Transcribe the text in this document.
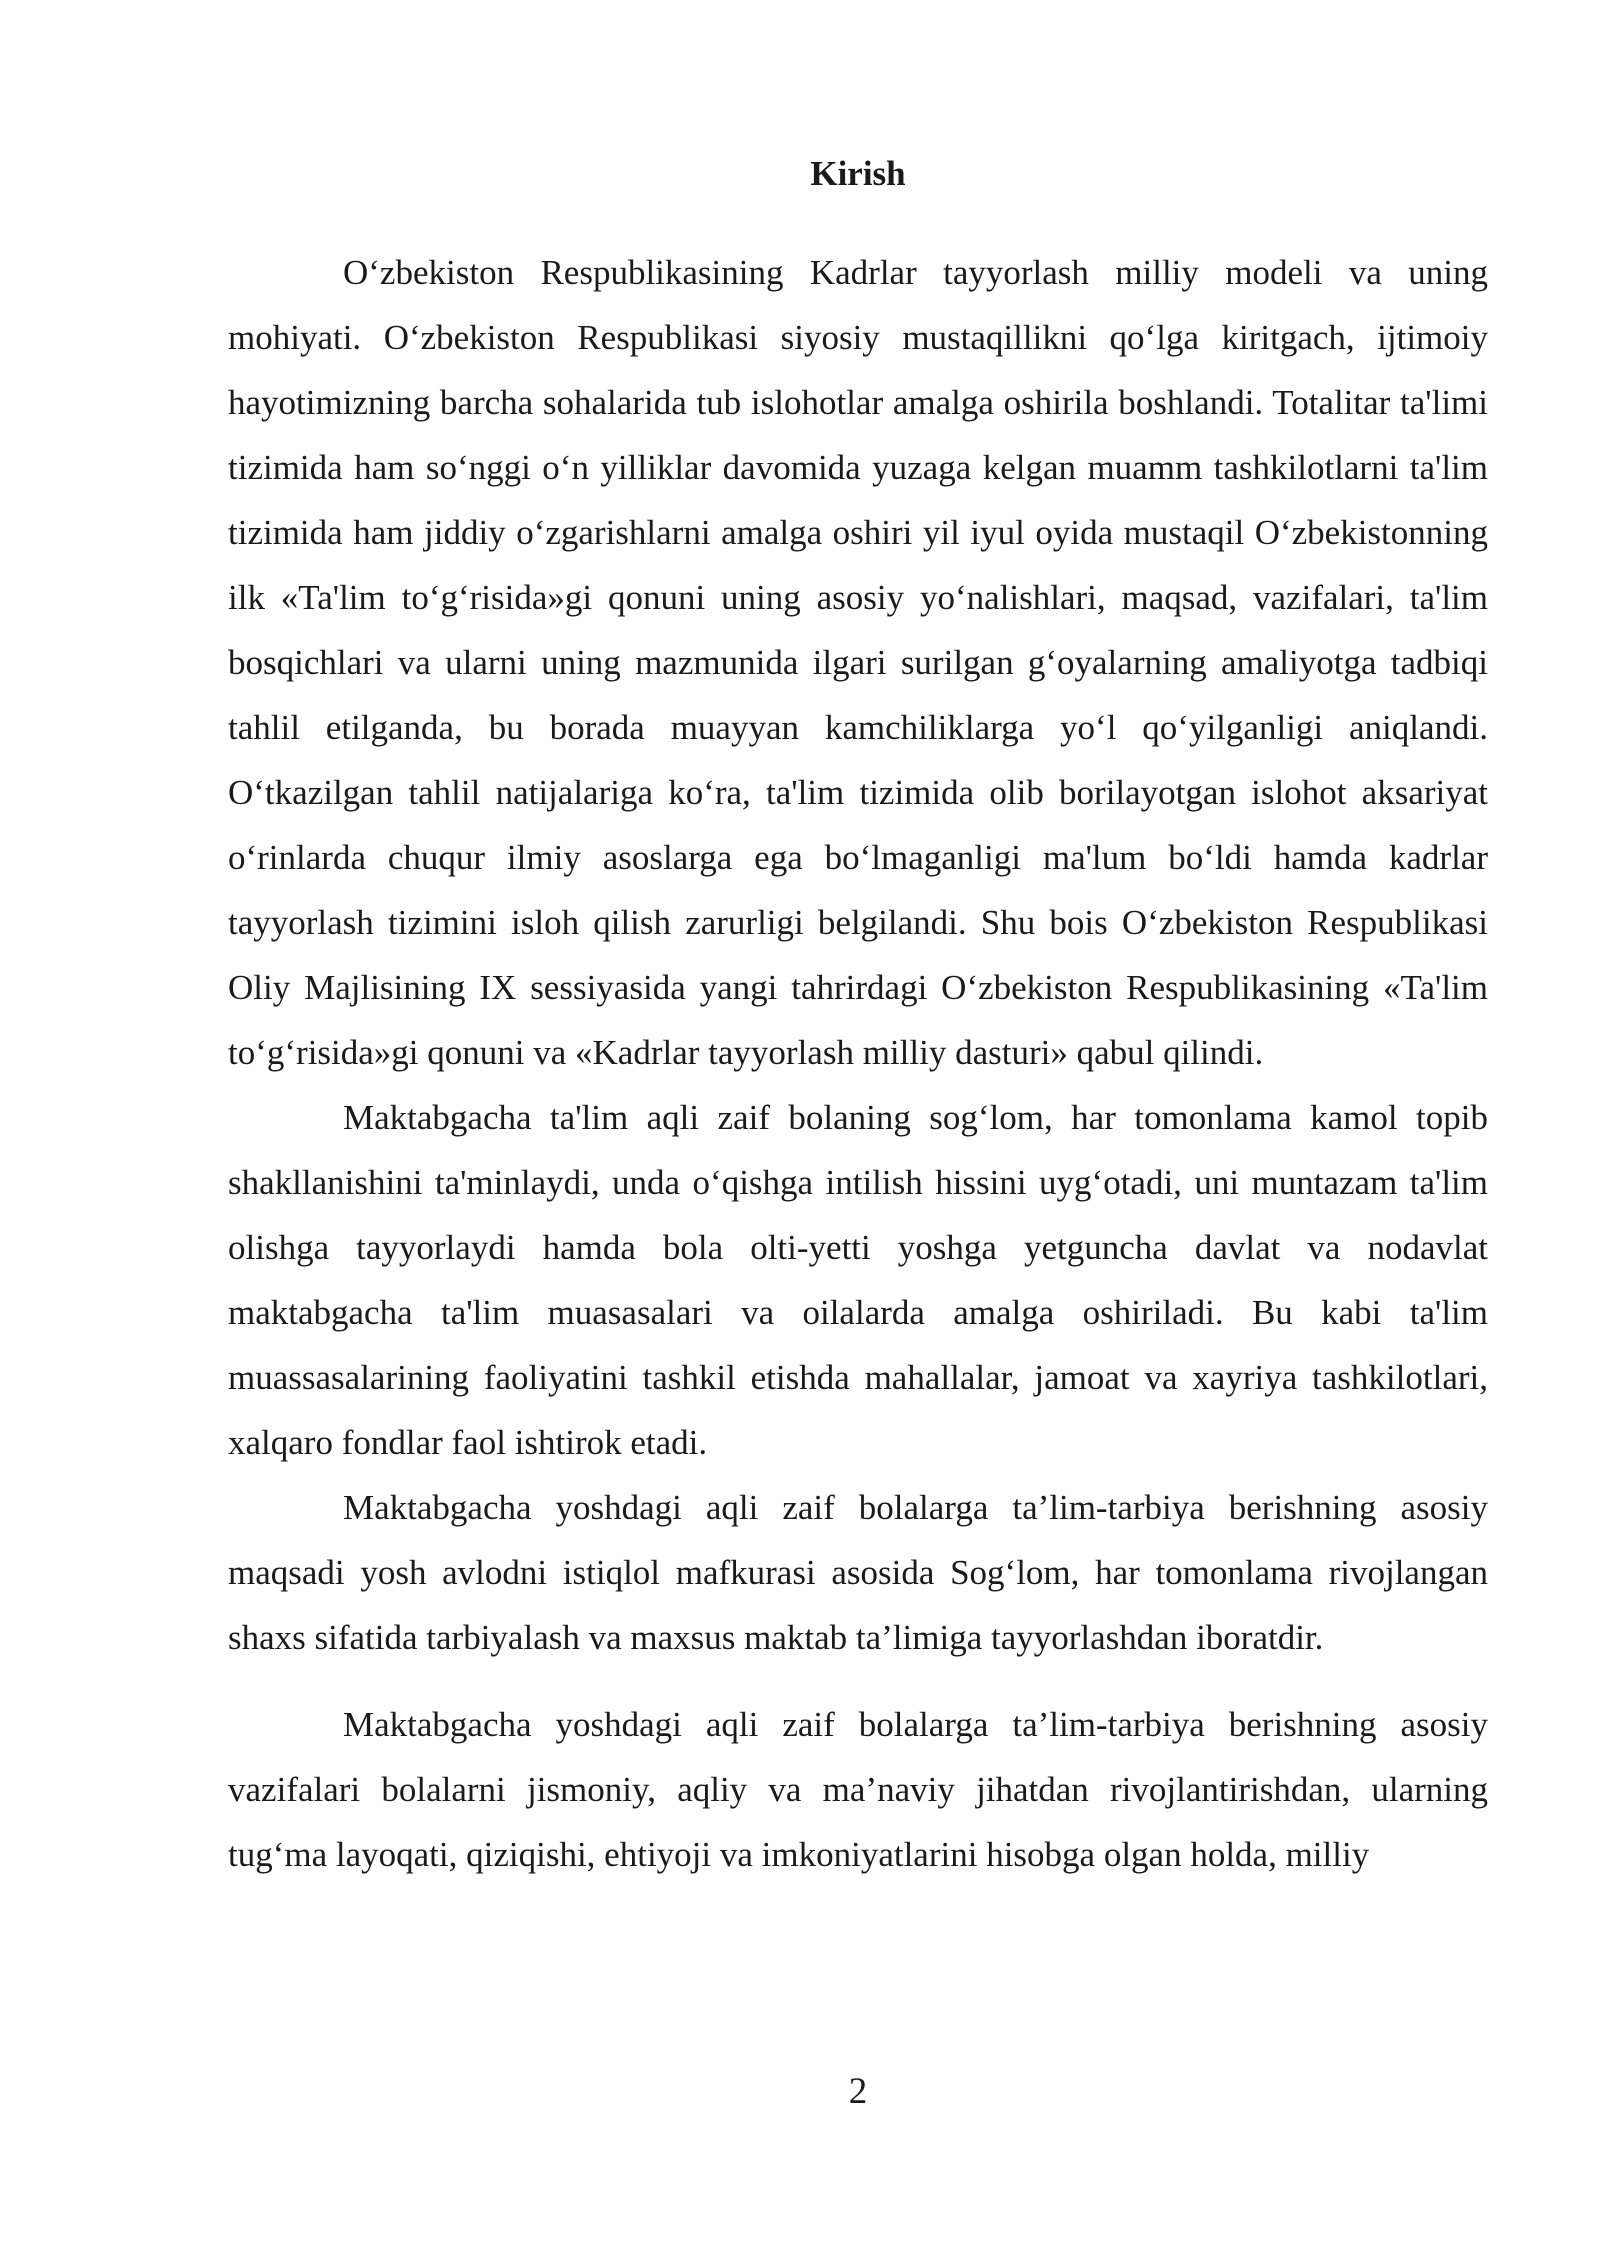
Kirish

O‘zbekiston Respublikasining Kadrlar tayyorlash milliy modeli va uning mohiyati. O‘zbekiston Respublikasi siyosiy mustaqillikni qo‘lga kiritgach, ijtimoiy hayotimizning barcha sohalarida tub islohotlar amalga oshirila boshlandi. Totalitar ta'limi tizimida ham so‘nggi o‘n yilliklar davomida yuzaga kelgan muamm tashkilotlarni ta'lim tizimida ham jiddiy o‘zgarishlarni amalga oshiri yil iyul oyida mustaqil O‘zbekistonning ilk «Ta'lim to‘g‘risida»gi qonuni uning asosiy yo‘nalishlari, maqsad, vazifalari, ta'lim bosqichlari va ularni uning mazmunida ilgari surilgan g‘oyalarning amaliyotga tadbiqi tahlil etilganda, bu borada muayyan kamchiliklarga yo‘l qo‘yilganligi aniqlandi. O‘tkazilgan tahlil natijalariga ko‘ra, ta'lim tizimida olib borilayotgan islohot aksariyat o‘rinlarda chuqur ilmiy asoslarga ega bo‘lmaganligi ma'lum bo‘ldi hamda kadrlar tayyorlash tizimini isloh qilish zarurligi belgilandi. Shu bois O‘zbekiston Respublikasi Oliy Majlisining IX sessiyasida yangi tahrirdagi O‘zbekiston Respublikasining «Ta'lim to‘g‘risida»gi qonuni va «Kadrlar tayyorlash milliy dasturi» qabul qilindi.

Maktabgacha ta'lim aqli zaif bolaning sog‘lom, har tomonlama kamol topib shakllanishini ta'minlaydi, unda o‘qishga intilish hissini uyg‘otadi, uni muntazam ta'lim olishga tayyorlaydi hamda bola olti-yetti yoshga yetguncha davlat va nodavlat maktabgacha ta'lim muasasalari va oilalarda amalga oshiriladi. Bu kabi ta'lim muassasalarining faoliyatini tashkil etishda mahallalar, jamoat va xayriya tashkilotlari, xalqaro fondlar faol ishtirok etadi.

Maktabgacha yoshdagi aqli zaif bolalarga ta’lim-tarbiya berishning asosiy maqsadi yosh avlodni istiqlol mafkurasi asosida Sog‘lom, har tomonlama rivojlangan shaxs sifatida tarbiyalash va maxsus maktab ta’limiga tayyorlashdan iboratdir.

Maktabgacha yoshdagi aqli zaif bolalarga ta’lim-tarbiya berishning asosiy vazifalari bolalarni jismoniy, aqliy va ma’naviy jihatdan rivojlantirishdan, ularning tug‘ma layoqati, qiziqishi, ehtiyoji va imkoniyatlarini hisobga olgan holda, milliy

2
